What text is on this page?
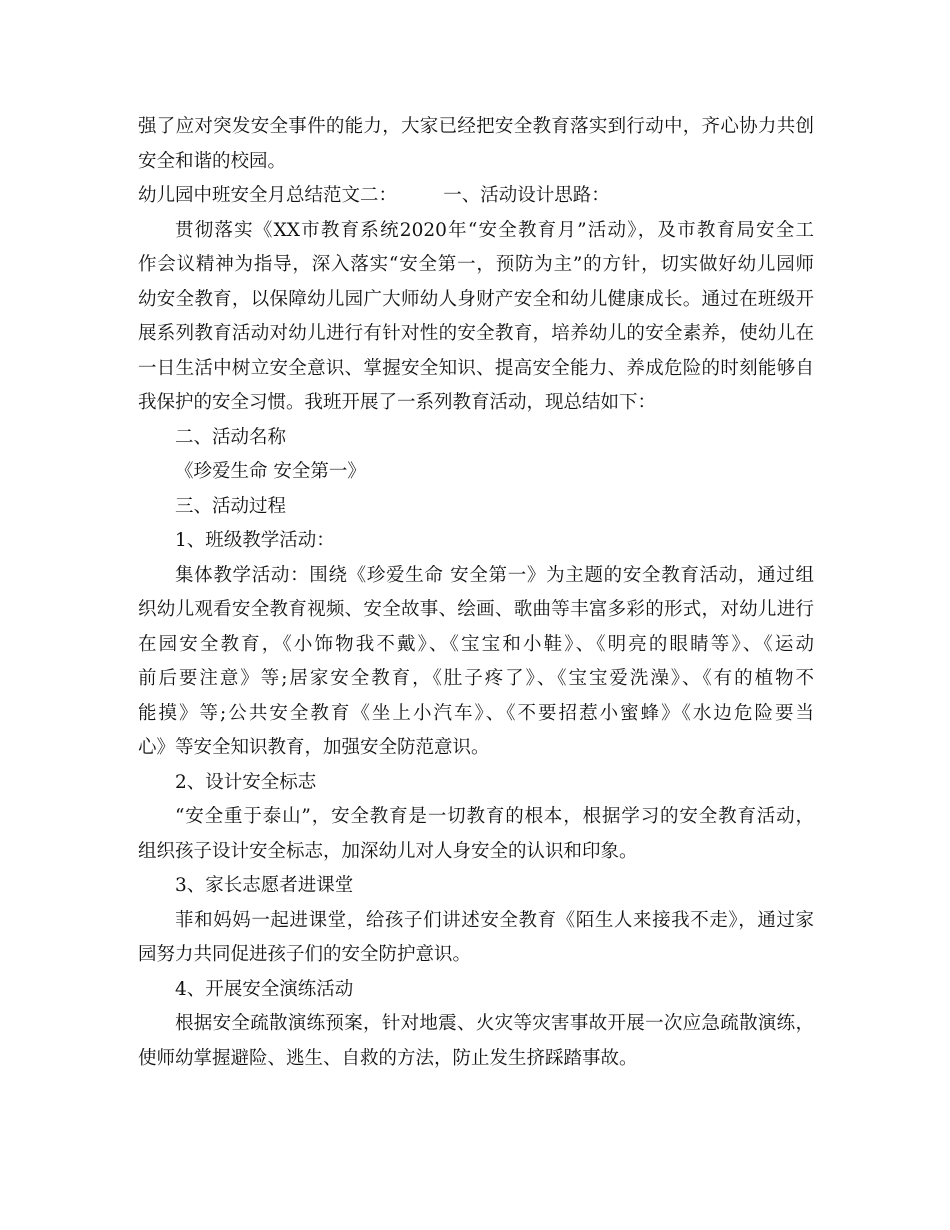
强了应对突发安全事件的能力，大家已经把安全教育落实到行动中，齐心协力共创
安全和谐的校园。
幼儿园中班安全月总结范文二：　　　一、活动设计思路：
贯彻落实《XX市教育系统2020年“安全教育月”活动》，及市教育局安全工
作会议精神为指导，深入落实“安全第一，预防为主”的方针，切实做好幼儿园师
幼安全教育，以保障幼儿园广大师幼人身财产安全和幼儿健康成长。通过在班级开
展系列教育活动对幼儿进行有针对性的安全教育，培养幼儿的安全素养，使幼儿在
一日生活中树立安全意识、掌握安全知识、提高安全能力、养成危险的时刻能够自
我保护的安全习惯。我班开展了一系列教育活动，现总结如下：
二、活动名称
《珍爱生命 安全第一》
三、活动过程
1、班级教学活动：
集体教学活动：围绕《珍爱生命 安全第一》为主题的安全教育活动，通过组
织幼儿观看安全教育视频、安全故事、绘画、歌曲等丰富多彩的形式，对幼儿进行
在园安全教育，《小饰物我不戴》、《宝宝和小鞋》、《明亮的眼睛等》、《运动
前后要注意》等;居家安全教育，《肚子疼了》、《宝宝爱洗澡》、《有的植物不
能摸》等;公共安全教育《坐上小汽车》、《不要招惹小蜜蜂》《水边危险要当
心》等安全知识教育，加强安全防范意识。
2、设计安全标志
“安全重于泰山”，安全教育是一切教育的根本，根据学习的安全教育活动，
组织孩子设计安全标志，加深幼儿对人身安全的认识和印象。
3、家长志愿者进课堂
菲和妈妈一起进课堂，给孩子们讲述安全教育《陌生人来接我不走》，通过家
园努力共同促进孩子们的安全防护意识。
4、开展安全演练活动
根据安全疏散演练预案，针对地震、火灾等灾害事故开展一次应急疏散演练，
使师幼掌握避险、逃生、自救的方法，防止发生挤踩踏事故。
